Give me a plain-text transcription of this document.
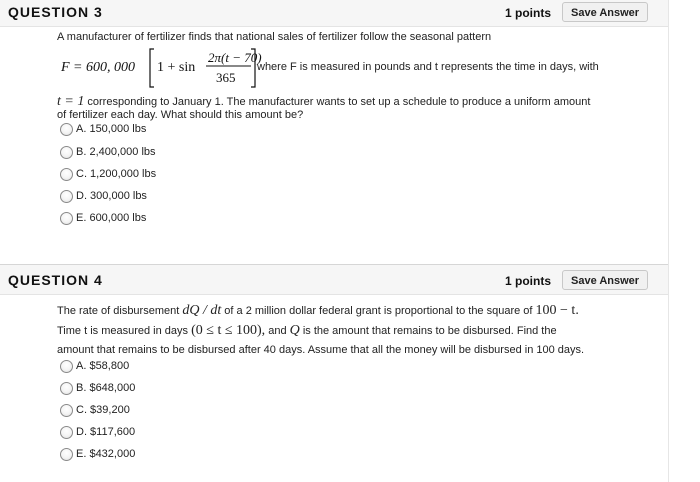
QUESTION 3	1 points	Save Answer
A manufacturer of fertilizer finds that national sales of fertilizer follow the seasonal pattern
F = 600, 000 1 + sin
2π(t − 70)
365
where F is measured in pounds and t represents the time in days, with
t = 1 corresponding to January 1. The manufacturer wants to set up a schedule to produce a uniform amount
of fertilizer each day. What should this amount be?
A. 150,000 lbs
B. 2,400,000 lbs
C. 1,200,000 lbs
D. 300,000 lbs
E. 600,000 lbs
QUESTION 4	1 points	Save Answer
The rate of disbursement dQ / dt of a 2 million dollar federal grant is proportional to the square of 100 − t.
Time t is measured in days (0 ≤ t ≤ 100), and Q is the amount that remains to be disbursed. Find the
amount that remains to be disbursed after 40 days. Assume that all the money will be disbursed in 100 days.
A. $58,800
B. $648,000
C. $39,200
D. $117,600
E. $432,000
